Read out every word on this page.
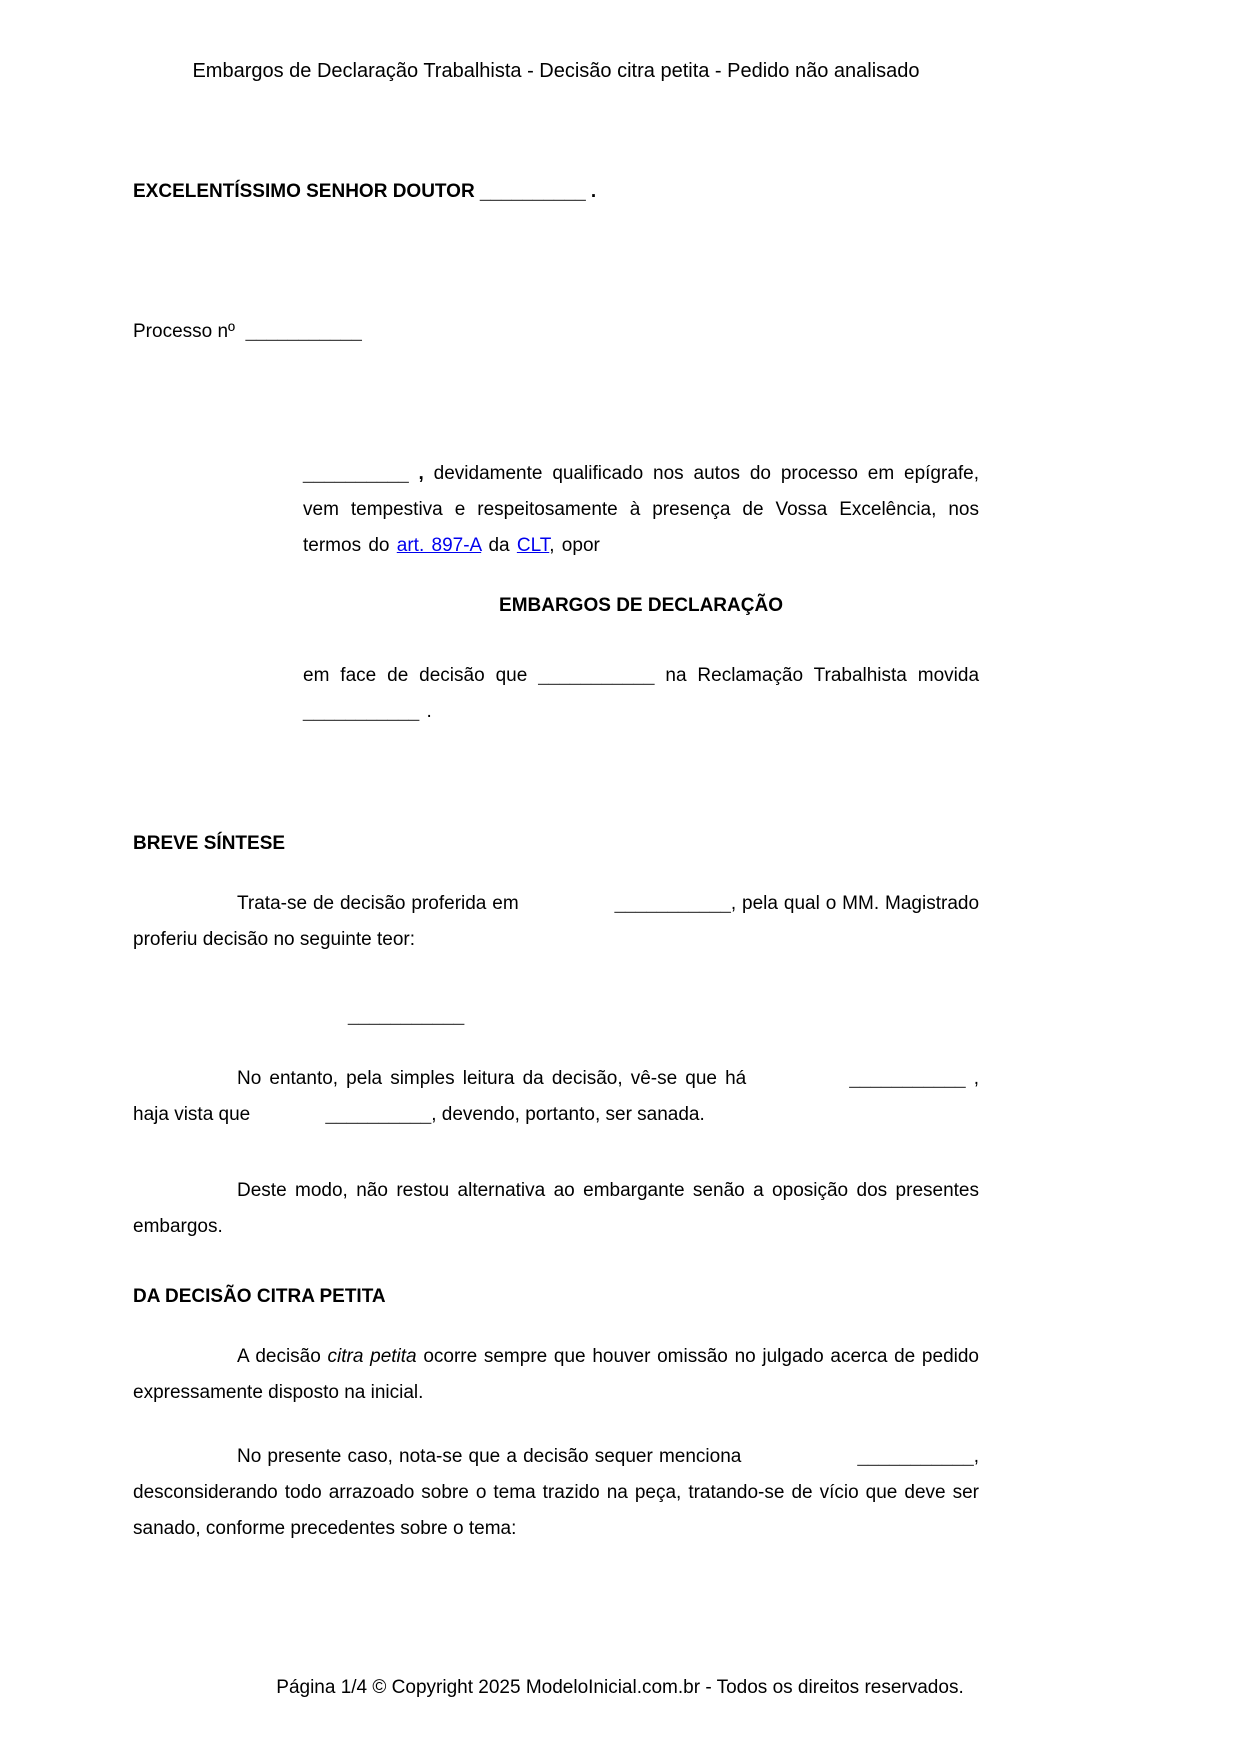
Embargos de Declaração Trabalhista - Decisão citra petita - Pedido não analisado

EXCELENTÍSSIMO SENHOR DOUTOR __________ .

Processo nº ___________

__________ , devidamente qualificado nos autos do processo em epígrafe, vem tempestiva e respeitosamente à presença de Vossa Excelência, nos termos do art. 897-A da CLT, opor

EMBARGOS DE DECLARAÇÃO

em face de decisão que ___________ na Reclamação Trabalhista movida ___________ .

BREVE SÍNTESE

Trata-se de decisão proferida em	___________, pela qual o MM. Magistrado proferiu decisão no seguinte teor:

___________

No entanto, pela simples leitura da decisão, vê-se que há	___________ , haja vista que	__________, devendo, portanto, ser sanada.

Deste modo, não restou alternativa ao embargante senão a oposição dos presentes embargos.

DA DECISÃO CITRA PETITA

A decisão citra petita ocorre sempre que houver omissão no julgado acerca de pedido expressamente disposto na inicial.

No presente caso, nota-se que a decisão sequer menciona	___________, desconsiderando todo arrazoado sobre o tema trazido na peça, tratando-se de vício que deve ser sanado, conforme precedentes sobre o tema:

Página 1/4 © Copyright 2025 ModeloInicial.com.br - Todos os direitos reservados.
